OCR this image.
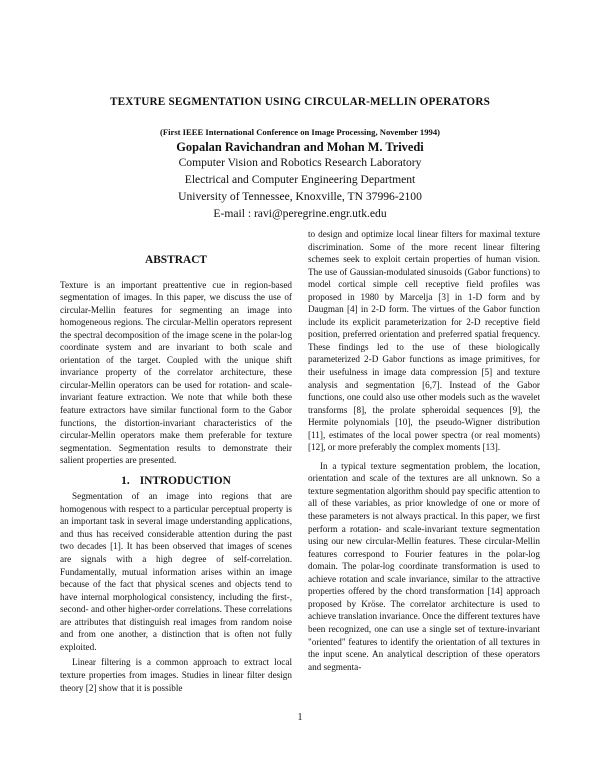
TEXTURE SEGMENTATION USING CIRCULAR-MELLIN OPERATORS
(First IEEE International Conference on Image Processing, November 1994)
Gopalan Ravichandran and Mohan M. Trivedi
Computer Vision and Robotics Research Laboratory
Electrical and Computer Engineering Department
University of Tennessee, Knoxville, TN 37996-2100
E-mail : ravi@peregrine.engr.utk.edu
ABSTRACT

Texture is an important preattentive cue in region-based segmentation of images. In this paper, we discuss the use of circular-Mellin features for segmenting an image into homogeneous regions. The circular-Mellin operators represent the spectral decomposition of the image scene in the polar-log coordinate system and are invariant to both scale and orientation of the target. Coupled with the unique shift invariance property of the correlator architecture, these circular-Mellin operators can be used for rotation- and scale-invariant feature extraction. We note that while both these feature extractors have similar functional form to the Gabor functions, the distortion-invariant characteristics of the circular-Mellin operators make them preferable for texture segmentation. Segmentation results to demonstrate their salient properties are presented.

1. INTRODUCTION

Segmentation of an image into regions that are homogenous with respect to a particular perceptual property is an important task in several image understanding applications, and thus has received considerable attention during the past two decades [1]. It has been observed that images of scenes are signals with a high degree of self-correlation. Fundamentally, mutual information arises within an image because of the fact that physical scenes and objects tend to have internal morphological consistency, including the first-, second- and other higher-order correlations. These correlations are attributes that distinguish real images from random noise and from one another, a distinction that is often not fully exploited.

Linear filtering is a common approach to extract local texture properties from images. Studies in linear filter design theory [2] show that it is possible

to design and optimize local linear filters for maximal texture discrimination. Some of the more recent linear filtering schemes seek to exploit certain properties of human vision. The use of Gaussian-modulated sinusoids (Gabor functions) to model cortical simple cell receptive field profiles was proposed in 1980 by Marcelja [3] in 1-D form and by Daugman [4] in 2-D form. The virtues of the Gabor function include its explicit parameterization for 2-D receptive field position, preferred orientation and preferred spatial frequency. These findings led to the use of these biologically parameterized 2-D Gabor functions as image primitives, for their usefulness in image data compression [5] and texture analysis and segmentation [6,7]. Instead of the Gabor functions, one could also use other models such as the wavelet transforms [8], the prolate spheroidal sequences [9], the Hermite polynomials [10], the pseudo-Wigner distribution [11], estimates of the local power spectra (or real moments) [12], or more preferably the complex moments [13].

In a typical texture segmentation problem, the location, orientation and scale of the textures are all unknown. So a texture segmentation algorithm should pay specific attention to all of these variables, as prior knowledge of one or more of these parameters is not always practical. In this paper, we first perform a rotation- and scale-invariant texture segmentation using our new circular-Mellin features. These circular-Mellin features correspond to Fourier features in the polar-log domain. The polar-log coordinate transformation is used to achieve rotation and scale invariance, similar to the attractive properties offered by the chord transformation [14] approach proposed by Kröse. The correlator architecture is used to achieve translation invariance. Once the different textures have been recognized, one can use a single set of texture-invariant "oriented" features to identify the orientation of all textures in the input scene. An analytical description of these operators and segmenta-

1
